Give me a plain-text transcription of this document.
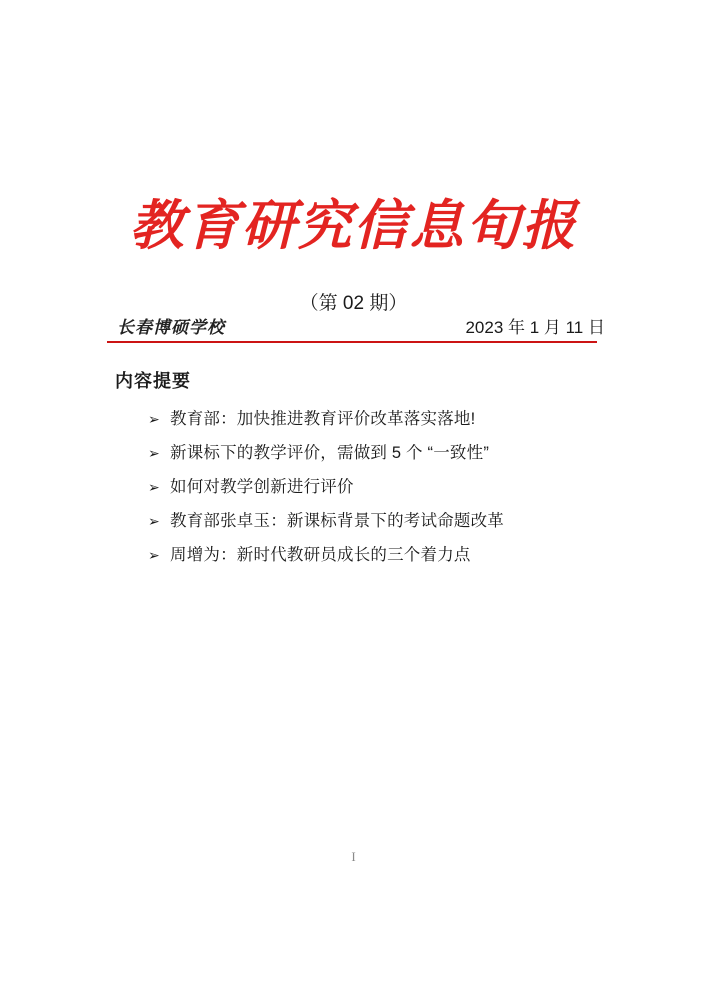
教育研究信息旬报
（第 02 期）
长春博硕学校	2023 年 1 月 11 日
内容提要
➢ 教育部：加快推进教育评价改革落实落地!
➢ 新课标下的教学评价，需做到 5 个 “一致性”
➢ 如何对教学创新进行评价
➢ 教育部张卓玉：新课标背景下的考试命题改革
➢ 周增为：新时代教研员成长的三个着力点
I
